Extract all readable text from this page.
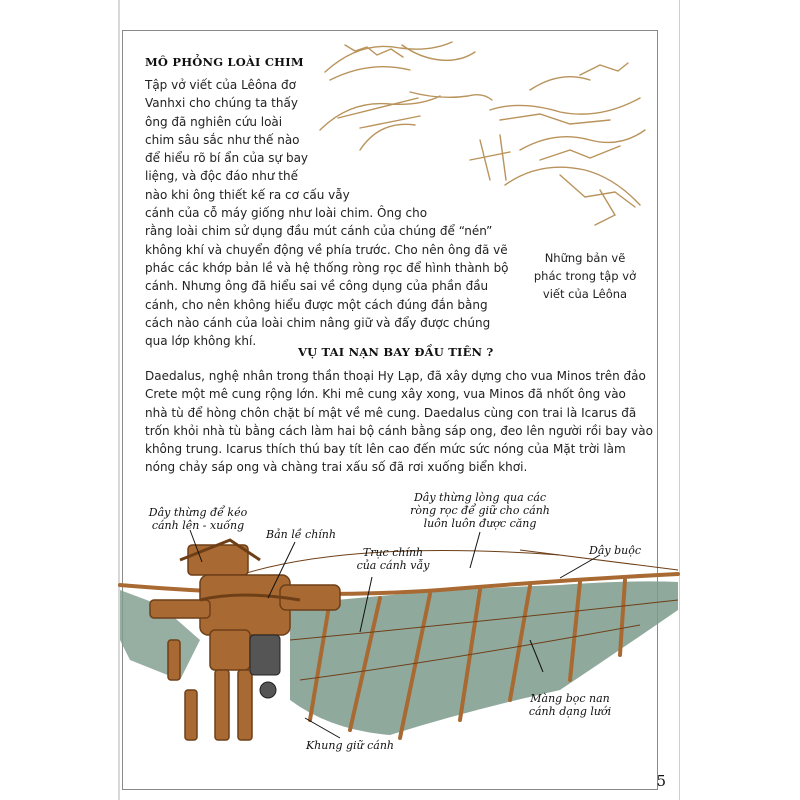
MÔ PHỎNG LOÀI CHIM
Tập vở viết của Lêôna đơ
Vanhxi cho chúng ta thấy
ông đã nghiên cứu loài
chim sâu sắc như thế nào
để hiểu rõ bí ẩn của sự bay
liệng, và độc đáo như thế
nào khi ông thiết kế ra cơ cấu vẫy
cánh của cỗ máy giống như loài chim. Ông cho
rằng loài chim sử dụng đầu mút cánh của chúng để “nén”
không khí và chuyển động về phía trước. Cho nên ông đã vẽ
phác các khớp bản lề và hệ thống ròng rọc để hình thành bộ
cánh. Nhưng ông đã hiểu sai về công dụng của phần đầu
cánh, cho nên không hiểu được một cách đúng đắn bằng
cách nào cánh của loài chim nâng giữ và đẩy được chúng
qua lớp không khí.
Những bản vẽ
phác trong tập vở
viết của Lêôna
VỤ TAI NẠN BAY ĐẦU TIÊN ?
Daedalus, nghệ nhân trong thần thoại Hy Lạp, đã xây dựng cho vua Minos trên đảo
Crete một mê cung rộng lớn. Khi mê cung xây xong, vua Minos đã nhốt ông vào
nhà tù để hòng chôn chặt bí mật về mê cung. Daedalus cùng con trai là Icarus đã
trốn khỏi nhà tù bằng cách làm hai bộ cánh bằng sáp ong, đeo lên người rồi bay vào
không trung. Icarus thích thú bay tít lên cao đến mức sức nóng của Mặt trời làm
nóng chảy sáp ong và chàng trai xấu số đã rơi xuống biển khơi.
Dây thừng để kéo
cánh lên - xuống
Bản lề chính
Dây thừng lòng qua các
ròng rọc để giữ cho cánh
luôn luôn được căng
Trục chính
của cánh vẫy
Dây buộc
Màng bọc nan
cánh dạng lưới
Khung giữ cánh
5
